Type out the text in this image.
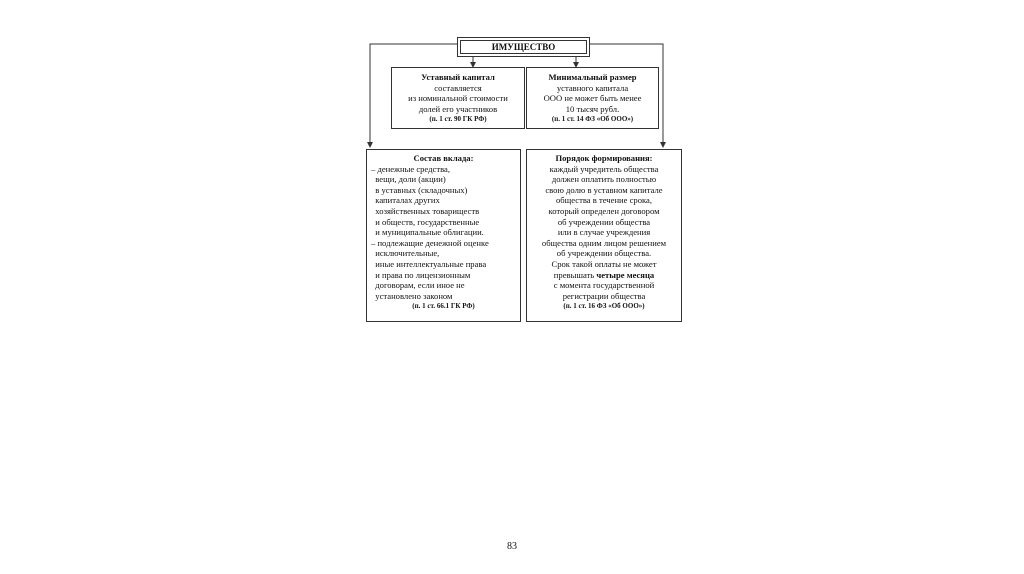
ИМУЩЕСТВО
Уставный капитал
составляется
из номинальной стоимости
долей его участников
(п. 1 ст. 90 ГК РФ)
Минимальный размер
уставного капитала
ООО не может быть менее
10 тысяч рубл.
(п. 1 ст. 14 ФЗ «Об ООО»)
Состав вклада:
– денежные средства,
вещи, доли (акции)
в уставных (складочных)
капиталах других
хозяйственных товариществ
и обществ, государственные
и муниципальные облигации.
– подлежащие денежной оценке
исключительные,
иные интеллектуальные права
и права по лицензионным
договорам, если иное не
установлено законом
(п. 1 ст. 66.1 ГК РФ)
Порядок формирования:
каждый учредитель общества
должен оплатить полностью
свою долю в уставном капитале
общества в течение срока,
который определен договором
об учреждении общества
или в случае учреждения
общества одним лицом решением
об учреждении общества.
Срок такой оплаты не может
превышать четыре месяца
с момента государственной
регистрации общества
(п. 1 ст. 16 ФЗ «Об ООО»)
83
